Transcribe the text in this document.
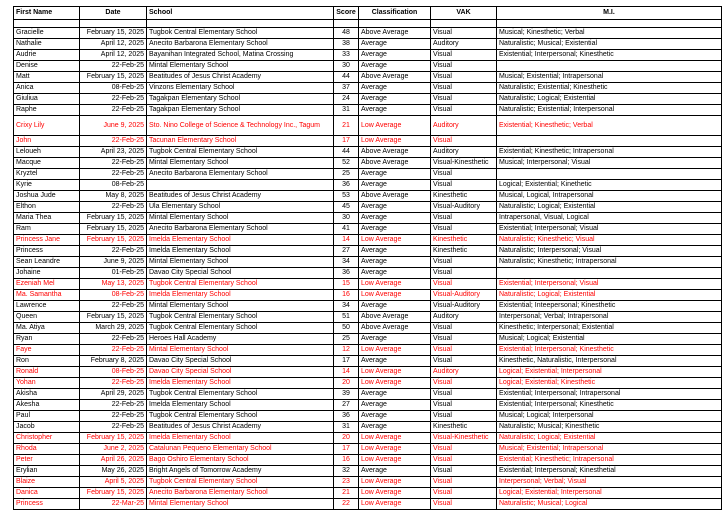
First Name	Date	School	Score	Classification	VAK	M.I.

Gracielle	February 15, 2025	Tugbok Central Elementary School	48	Above Average	Visual	Musical; Kinesthetic; Verbal
Nathalie	April 12, 2025	Anecito Barbarona Elementary School	38	Average	Auditory	Naturalistic; Musical; Existential
Audrie	April 12, 2025	Bayanihan Integrated School, Matina Crossing	33	Average	Visual	Existential; Interpersonal; Kinesthetic
Denise	22-Feb-25	Mintal Elementary School	30	Average	Visual	
Matt	February 15, 2025	Beatitudes of Jesus Christ Academy	44	Above Average	Visual	Musical; Existential; Intrapersonal
Anica	08-Feb-25	Vinzons Elementary School	37	Average	Visual	Naturalistic; Existential; Kinesthetic
Giuliua	22-Feb-25	Tagakpan Elementary School	24	Average	Visual	Naturalistic; Logical; Existential
Raphe	22-Feb-25	Tagakpan Elementary School	31	Average	Visual	Naturalistic; Existential; Interpersonal
Crixy Lily	June 9, 2025	Sto. Nino College of Science & Technology Inc., Tagum	21	Low Average	Auditory	Existential; Kinesthetic; Verbal
John	22-Feb-25	Tacunan Elementary School	17	Low Average	Visual	
Leloueh	April 23, 2025	Tugbok Central Elementary School	44	Above Average	Auditory	Existential; Kinesthetic; Intrapersonal
Macque	22-Feb-25	Mintal Elementary School	52	Above Average	Visual-Kinesthetic	Musical; Interpersonal; Visual
Kryztel	22-Feb-25	Anecito Barbarona Elementary School	25	Average	Visual	
Kyrie	08-Feb-25		36	Average	Visual	Logical; Existential; Kinethetic
Joshua Jude	May 8, 2025	Beatitudes of Jesus Christ Academy	53	Above Average	Kinesthetic	Musical, Logical, Intrapersonal
Elthon	22-Feb-25	Ula Elementary School	45	Average	Visual-Auditory	Naturalistic; Logical; Existential
Maria Thea	February 15, 2025	Mintal Elementary School	30	Average	Visual	Intrapersonal, Visual, Logical
Ram	February 15, 2025	Anecito Barbarona Elementary School	41	Average	Visual	Existential; Interpersonal; Visual
Princess Jane	February 15, 2025	Imelda Elementary School	14	Low Average	Kinesthetic	Naturalistic; Kinesthetic; Visual
Princess	22-Feb-25	Imelda Elementary School	27	Average	Kinesthetic	Naturalistic; Interpersonal; Visual
Sean Leandre	June 9, 2025	Mintal Elementary School	34	Average	Visual	Naturalistic; Kinesthetic; Intrapersonal
Johaine	01-Feb-25	Davao City Special School	36	Average	Visual	
Ezeniah Mel	May 13, 2025	Tugbok Central Elementary School	15	Low Average	Visual	Existential; Interpersonal; Visual
Ma. Samantha	08-Feb-25	Imelda Elementary School	16	Low Average	Visual-Auditory	Naturalistic; Logical; Existential
Lawrence	22-Feb-25	Mintal Elementary School	34	Average	Visual-Auditory	Existential; Inteepersonal; Kinesthetic
Queen	February 15, 2025	Tugbok Central Elementary School	51	Above Average	Auditory	Interpersonal; Verbal; Intrapersonal
Ma. Atiya	March 29, 2025	Tugbok Central Elementary School	50	Above Average	Visual	Kinesthetic; Interpersonal; Existential
Ryan	22-Feb-25	Heroes Hall Academy	25	Average	Visual	Musical; Logical; Existential
Faye	22-Feb-25	Mintal Elementary School	12	Low Average	Visual	Existential; Interpersonal; Kinesthetic
Ron	February 8, 2025	Davao City Special School	17	Average	Visual	Kinesthetic, Naturalistic, Interpersonal
Ronald	08-Feb-25	Davao City Special School	14	Low Average	Auditory	Logical; Existential; Interpersonal
Yohan	22-Feb-25	Imelda Elementary School	20	Low Average	Visual	Logical; Existential; Kinesthetic
Akisha	April 29, 2025	Tugbok Central Elementary School	39	Average	Visual	Existential; Interpersonal; Intrapersonal
Akesha	22-Feb-25	Imelda Elementary School	27	Average	Visual	Existential; Interpersonal; Kinesthetic
Paul	22-Feb-25	Tugbok Central Elementary School	36	Average	Visual	Musical; Logical; Interpersonal
Jacob	22-Feb-25	Beatitudes of Jesus Christ Academy	31	Average	Kinesthetic	Naturalistic; Musical; Kinesthetic
Christopher	February 15, 2025	Imelda Elementary School	20	Low Average	Visual-Kinesthetic	Naturalistic; Logical; Existential
Rhoda	June 2, 2025	Catalunan Pequeno Elementary School	17	Low Average	Visual	Musical; Existential; Intrapersonal
Peter	April 26, 2025	Bago Oshiro Elementary School	16	Low Average	Visual	Existential; Kinesthetic; Intrapersonal
Erylian	May 26, 2025	Bright Angels of Tomorrow Academy	32	Average	Visual	Existential; Interpersonal; Kinesthetial
Blaize	April 5, 2025	Tugbok Central Elementary School	23	Low Average	Visual	Interpersonal; Verbal; Visual
Danica	February 15, 2025	Anecito Barbarona Elementary School	21	Low Average	Visual	Logical; Existential; Interpersonal
Princess	22-Mar-25	Mintal Elementary School	22	Low Average	Visual	Naturalistic; Musical; Logical
